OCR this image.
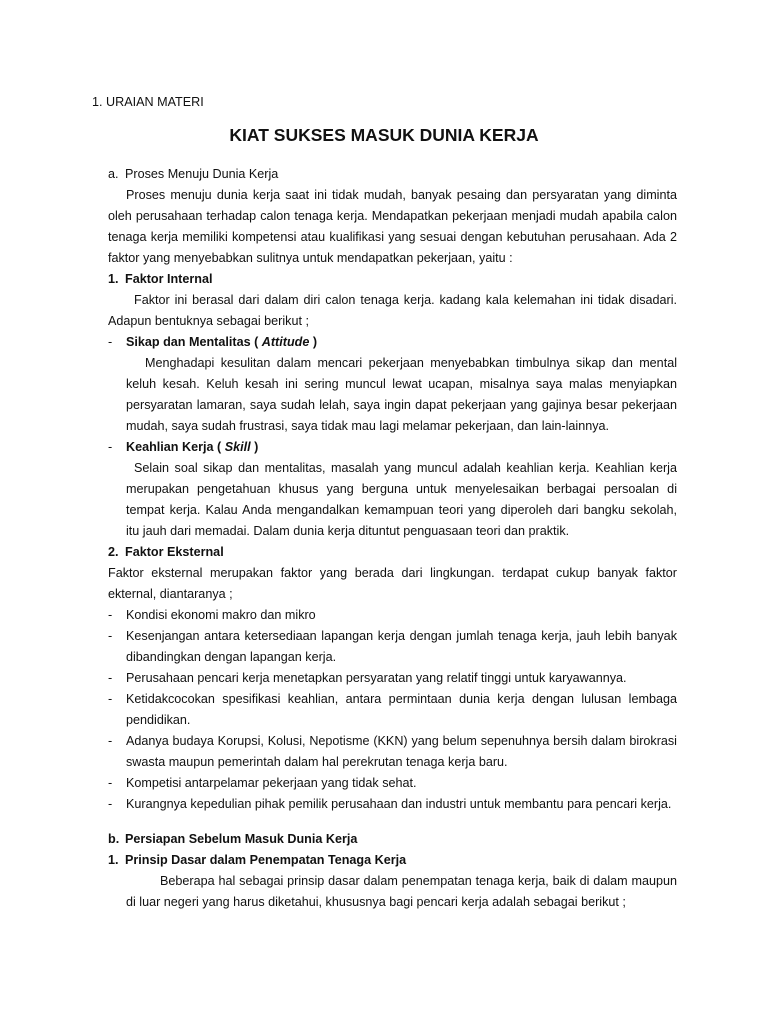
1. URAIAN MATERI
KIAT SUKSES MASUK DUNIA KERJA
a. Proses Menuju Dunia Kerja
Proses menuju dunia kerja saat ini tidak mudah, banyak pesaing dan persyaratan yang diminta
oleh perusahaan terhadap calon tenaga kerja. Mendapatkan pekerjaan menjadi mudah apabila calon
tenaga kerja memiliki kompetensi atau kualifikasi yang sesuai dengan kebutuhan perusahaan. Ada 2
faktor yang menyebabkan sulitnya untuk mendapatkan pekerjaan, yaitu :
1. Faktor Internal
Faktor ini berasal dari dalam diri calon tenaga kerja. kadang kala kelemahan ini tidak disadari.
Adapun bentuknya sebagai berikut ;
- Sikap dan Mentalitas ( Attitude )
Menghadapi kesulitan dalam mencari pekerjaan menyebabkan timbulnya sikap dan mental
keluh kesah. Keluh kesah ini sering muncul lewat ucapan, misalnya saya malas menyiapkan
persyaratan lamaran, saya sudah lelah, saya ingin dapat pekerjaan yang gajinya besar pekerjaan
mudah, saya sudah frustrasi, saya tidak mau lagi melamar pekerjaan, dan lain-lainnya.
- Keahlian Kerja ( Skill )
Selain soal sikap dan mentalitas, masalah yang muncul adalah keahlian kerja. Keahlian kerja
merupakan pengetahuan khusus yang berguna untuk menyelesaikan berbagai persoalan di
tempat kerja. Kalau Anda mengandalkan kemampuan teori yang diperoleh dari bangku sekolah,
itu jauh dari memadai. Dalam dunia kerja dituntut penguasaan teori dan praktik.
2. Faktor Eksternal
Faktor eksternal merupakan faktor yang berada dari lingkungan. terdapat cukup banyak faktor
ekternal, diantaranya ;
- Kondisi ekonomi makro dan mikro
- Kesenjangan antara ketersediaan lapangan kerja dengan jumlah tenaga kerja, jauh lebih banyak
dibandingkan dengan lapangan kerja.
- Perusahaan pencari kerja menetapkan persyaratan yang relatif tinggi untuk karyawannya.
- Ketidakcocokan spesifikasi keahlian, antara permintaan dunia kerja dengan lulusan lembaga
pendidikan.
- Adanya budaya Korupsi, Kolusi, Nepotisme (KKN) yang belum sepenuhnya bersih dalam birokrasi
swasta maupun pemerintah dalam hal perekrutan tenaga kerja baru.
- Kompetisi antarpelamar pekerjaan yang tidak sehat.
- Kurangnya kepedulian pihak pemilik perusahaan dan industri untuk membantu para pencari kerja.
b. Persiapan Sebelum Masuk Dunia Kerja
1. Prinsip Dasar dalam Penempatan Tenaga Kerja
Beberapa hal sebagai prinsip dasar dalam penempatan tenaga kerja, baik di dalam maupun
di luar negeri yang harus diketahui, khususnya bagi pencari kerja adalah sebagai berikut ;
